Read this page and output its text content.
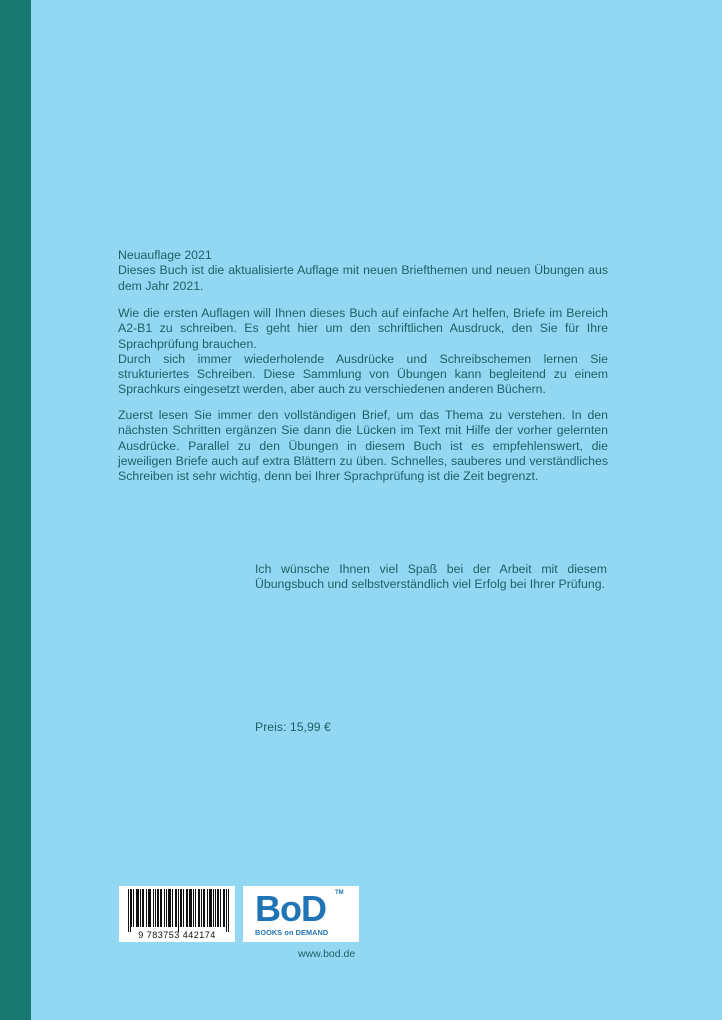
Neuauflage 2021

Dieses Buch ist die aktualisierte Auflage mit neuen Briefthemen und neuen Übungen aus dem Jahr 2021.

Wie die ersten Auflagen will Ihnen dieses Buch auf einfache Art helfen, Briefe im Bereich A2-B1 zu schreiben. Es geht hier um den schriftlichen Ausdruck, den Sie für Ihre Sprachprüfung brauchen.

Durch sich immer wiederholende Ausdrücke und Schreibschemen lernen Sie strukturiertes Schreiben. Diese Sammlung von Übungen kann begleitend zu einem Sprachkurs eingesetzt werden, aber auch zu verschiedenen anderen Büchern.

Zuerst lesen Sie immer den vollständigen Brief, um das Thema zu verstehen. In den nächsten Schritten ergänzen Sie dann die Lücken im Text mit Hilfe der vorher gelernten Ausdrücke. Parallel zu den Übungen in diesem Buch ist es empfehlenswert, die jeweiligen Briefe auch auf extra Blättern zu üben. Schnelles, sauberes und verständliches Schreiben ist sehr wichtig, denn bei Ihrer Sprachprüfung ist die Zeit begrenzt.

Ich wünsche Ihnen viel Spaß bei der Arbeit mit diesem Übungsbuch und selbstverständlich viel Erfolg bei Ihrer Prüfung.
Preis: 15,99 €
9 783753 442174
BoD TM
BOOKS on DEMAND
www.bod.de
